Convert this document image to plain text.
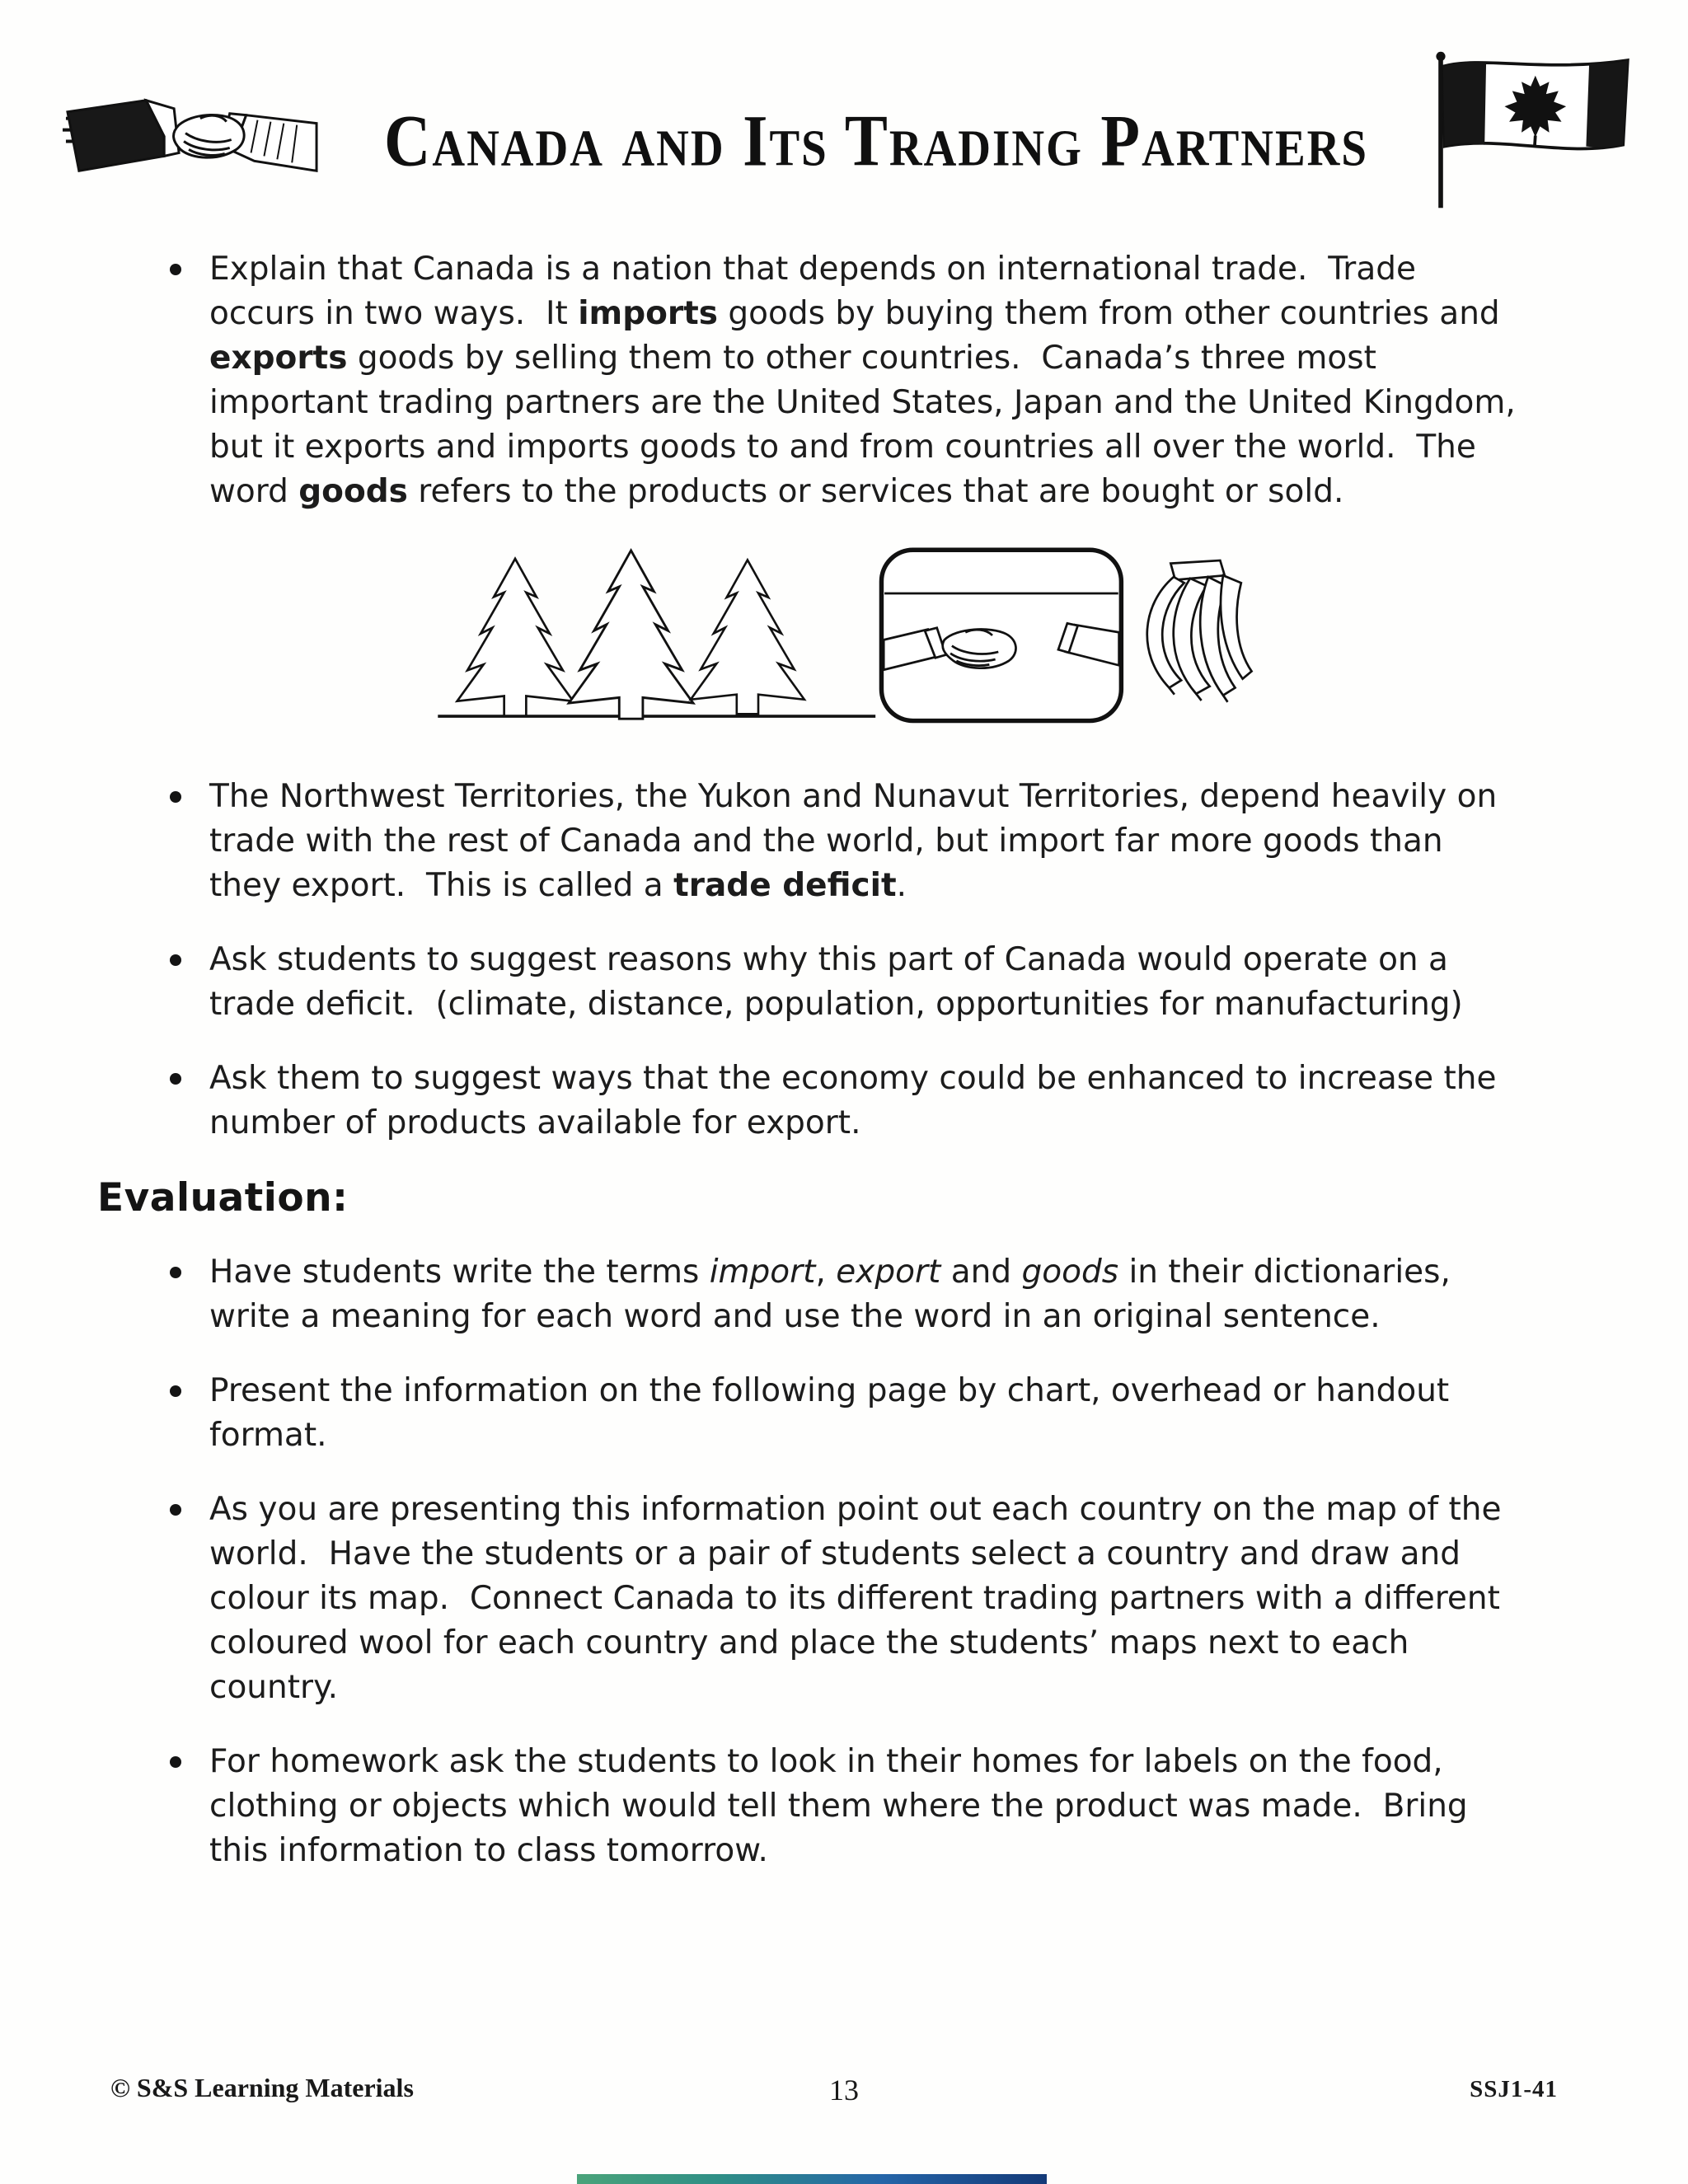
Canada and Its Trading Partners
Explain that Canada is a nation that depends on international trade.  Trade occurs in two ways.  It imports goods by buying them from other countries and exports goods by selling them to other countries.  Canada’s three most important trading partners are the United States, Japan and the United Kingdom, but it exports and imports goods to and from countries all over the world.  The word goods refers to the products or services that are bought or sold.
The Northwest Territories, the Yukon and Nunavut Territories, depend heavily on trade with the rest of Canada and the world, but import far more goods than they export.  This is called a trade deficit.
Ask students to suggest reasons why this part of Canada would operate on a trade deficit.  (climate, distance, population, opportunities for manufacturing)
Ask them to suggest ways that the economy could be enhanced to increase the number of products available for export.
Evaluation:
Have students write the terms import, export and goods in their dictionaries, write a meaning for each word and use the word in an original sentence.
Present the information on the following page by chart, overhead or handout format.
As you are presenting this information point out each country on the map of the world.  Have the students or a pair of students select a country and draw and colour its map.  Connect Canada to its different trading partners with a different coloured wool for each country and place the students’ maps next to each country.
For homework ask the students to look in their homes for labels on the food, clothing or objects which would tell them where the product was made.  Bring this information to class tomorrow.
© S&S Learning Materials	13	SSJ1-41
